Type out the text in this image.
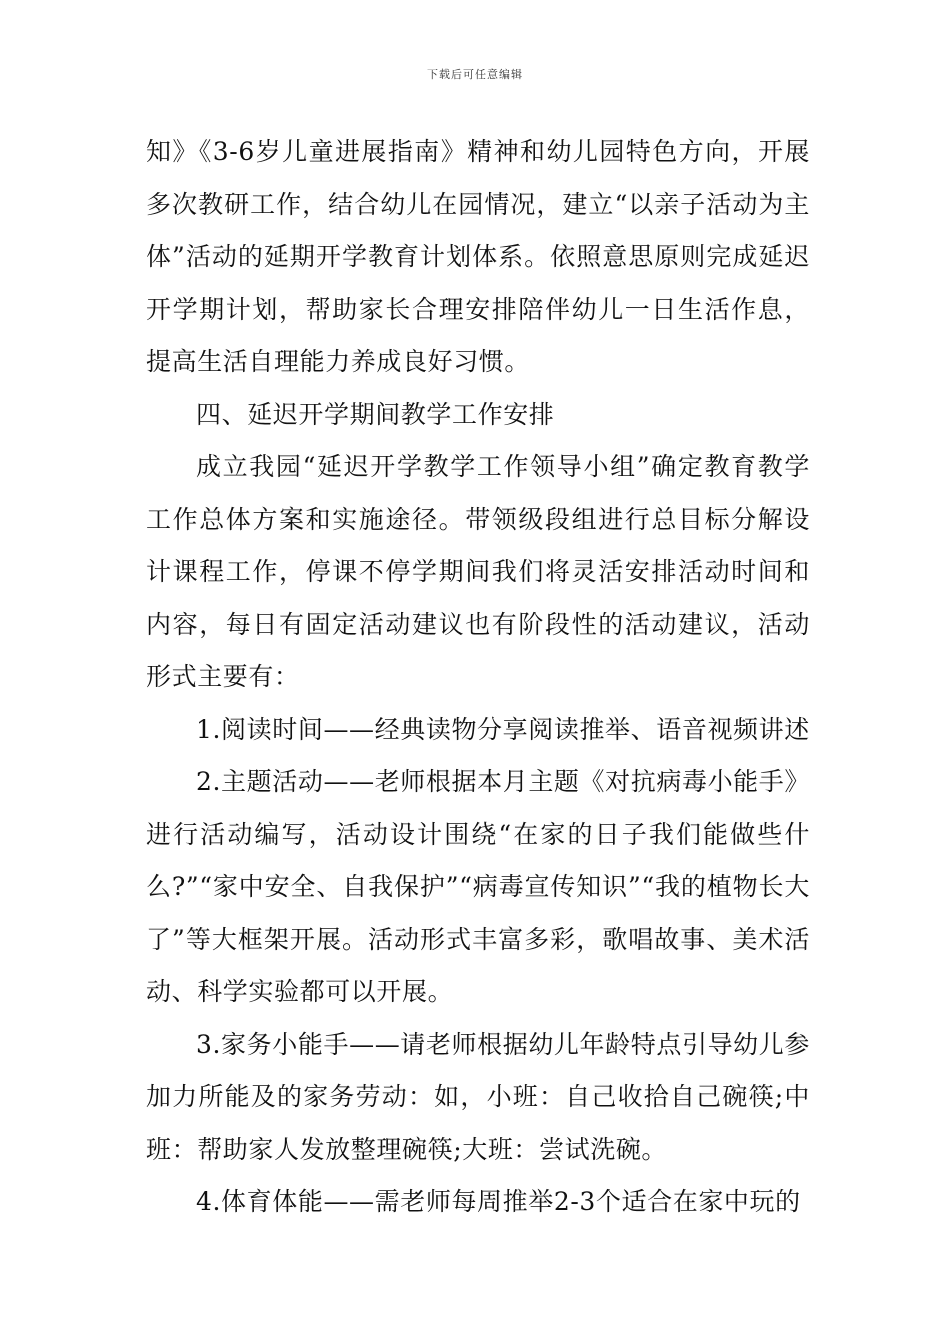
下载后可任意编辑

知》《3-6岁儿童进展指南》精神和幼儿园特色方向，开展多次教研工作，结合幼儿在园情况，建立“以亲子活动为主体”活动的延期开学教育计划体系。依照意思原则完成延迟开学期计划，帮助家长合理安排陪伴幼儿一日生活作息，提高生活自理能力养成良好习惯。

四、延迟开学期间教学工作安排

成立我园“延迟开学教学工作领导小组”确定教育教学工作总体方案和实施途径。带领级段组进行总目标分解设计课程工作，停课不停学期间我们将灵活安排活动时间和内容，每日有固定活动建议也有阶段性的活动建议，活动形式主要有：

1.阅读时间——经典读物分享阅读推举、语音视频讲述

2.主题活动——老师根据本月主题《对抗病毒小能手》进行活动编写，活动设计围绕“在家的日子我们能做些什么?”“家中安全、自我保护”“病毒宣传知识”“我的植物长大了”等大框架开展。活动形式丰富多彩，歌唱故事、美术活动、科学实验都可以开展。

3.家务小能手——请老师根据幼儿年龄特点引导幼儿参加力所能及的家务劳动：如，小班：自己收拾自己碗筷;中班：帮助家人发放整理碗筷;大班：尝试洗碗。

4.体育体能——需老师每周推举2-3个适合在家中玩的
